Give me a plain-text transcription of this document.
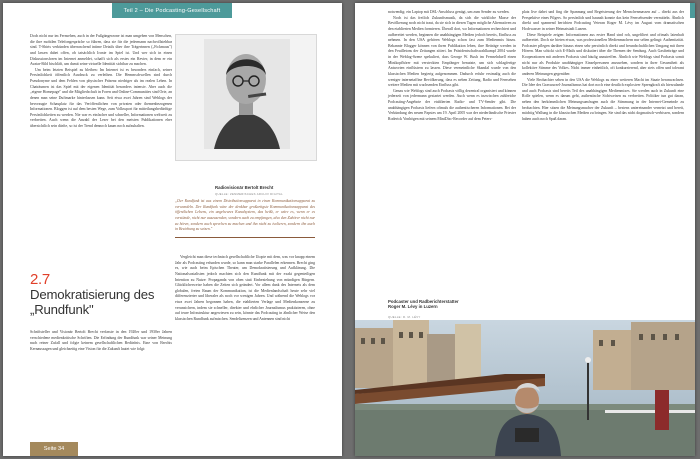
Teil 2 – Die Podcasting-Gesellschaft

Doch nicht nur im Fernsehen, auch in der Fußgängerzone ist man umgeben von Menschen, die ihre mobilen Telefongespräche so führen, dass sie für die jedermann nachvollziehbar sind. T-Shirts verkünden überraschend intime Details über ihre Trägerinnen („Fickmaus") und lassen dabei offen, ob tatsächlich Ironie im Spiel ist. Und wer sich in einen Diskussionsforen im Internet anmeldet, schafft sich als erstes ein Revier, in dem er ein Avatar-Bild bischläft, um damit seine virtuelle Identität sichtbar zu machen.

Um beim letzten Beispiel zu bleiben: Im Internet ist es besonders einfach, seiner Persönlichkeit öffentlich Ausdruck zu verleihen. Die Hemmschwellen sind durch Pseudonyme und dem Fehlen von physischer Präsenz niedriger als im realen Leben. In Chaträumen ist das Spiel mit der eigenen Identität besonders intensiv. Aber auch die „eigene Homepage" und die Mitgliedschaft in Foren und Online-Communities sind Orte, an denen man seine Duftmarke hinterlassen kann. Seit etwa zwei Jahren sind Weblogs der bevorzugte Schauplatz für das Veröffentlichen von privaten oder themenbezogenen Informationen. Bloggen ist auf dem besten Wege, zum Volkssport für mitteilungsbedürftige Persönlichkeiten zu werden. Nie war es einfacher und schneller, Informationen weltweit zu verbreiten. Auch wenn die Anzahl der Leser bei den meisten Publikationen eher übersichtlich sein dürfte, so ist der Trend dennoch kaum noch aufzuhalten.

Radiovisionär Bertolt Brecht
QUELLE: ZENMERISCHES ARCHIV DIGITAL
„Der Rundfunk ist aus einem Distributionsapparat in einen Kommunikationsapparat zu verwandeln. Der Rundfunk wäre der denkbar großartigste Kommunikationsapparat des öffentlichen Lebens, ein ungeheures Kanalsystem, das heißt, er wäre es, wenn er es verstünde, nicht nur auszusenden, sondern auch zu empfangen, also den Zuhörer nicht nur zu hören, sondern auch sprechen zu machen und ihn nicht zu isolieren, sondern ihn auch in Beziehung zu setzen."

Vergleicht man diese technisch gesellschaftliche Utopie mit dem, was vor knapp einem Jahr als Podcasting erfunden wurde, so kann man starke Parallelen erkennen. Brecht ging es, wie auch beim Epischen Theater, um Demokratisierung und Aufklärung. Die Nationalsozialisten jedoch machten sich den Rundfunk mit der exakt gegenteiligen Intention zu Nutze: Propaganda von oben statt Einbeziehung von mündigen Bürgern. Glücklicherweise haben die Zeiten sich geändert. Vor allem dank des Internets als dem globalen, freien Raum der Kommunikation, ist die Medienlandschaft heute sehr viel differenzierter und liberaler als noch vor wenigen Jahren. Und während die Weblogs vor etwa zwei Jahren begonnen haben, die etablierten Verlage und Medienkonzerne zu verunsichern, indem sie schneller, direkter und ehrlicher Journalismus praktizieren, ohne auf teure Infrastruktur angewiesen zu sein, könnte das Podcasting in ähnlicher Weise den klassischen Rundfunk aufmischen. Sendelizenzen und Antennen sind nicht

2.7
Demokratisierung des „Rundfunk"

Schriftsteller und Visionär Bertolt Brecht verfasste in den 1920er und 1930er Jahren verschiedene medienkritische Schriften. Die Erfindung der Rundfunk war seiner Meinung nach reiner Zufall und folgte keinem gesellschaftlichen Bedürfnis. Eine von Brechts Kernaussagen und gleichzeitig eine Vision für die Zukunft lautet wie folgt:

Seite 34

notwendig; ein Laptop mit DSL-Anschluss genügt, um zum Sender zu werden.

Noch ist das freilich Zukunftsmusik, da sich die wirkliche Masse der Bevölkerung noch nicht traut, da sie sich in diesen Tagen mögliche Alternativen zu den etablierten Medien formieren. Überall dort, wo Informationen recherchiert und aufbereitet werden, beginnen die unabhängigen Medien jedoch bereits, Einfluss zu nehmen. In den USA gehören Weblogs schon fast zum Medienmix hinzu. Bekannte Blogger können von ihren Publikation leben, ihre Beiträge werden in den Feuilletons der Zeitungen zitiert. Im Präsidentschaftswahlkampf 2004 wurde in der Weblog-Szene spekuliert, dass George W. Bush im Fernsehduell einen Minikopfhörer mit versteckten Empfänger benutzte, um sich schlagfertige Antworten einflüstern zu lassen. Diese vermeintliche Skandal wurde von den klassischen Medien begierig aufgenommen. Dadurch erfuhr erstmalig auch die weniger internetaffine Bevölkerung, dass es neben Zeitung, Radio und Fernsehen weitere Medien mit wachsenden Einfluss gibt.

Genau wie Weblogs sind auch Podcasts völlig dezentral organisiert und können jederzeit von jedermann gestartet werden. Auch wenn es inzwischen zahlreiche Podcasting-Angebote der etablierten Radio- und TV-Sender gibt. Die unabhängigen Podcasts liefern oftmals die authentischeren Informationen. Bei der Verkündung des neuen Papstes am 19. April 2005 war der niederländische Priester Roderick Vonhögen mit seinem MiniDisc-Recorder auf dem Peters-

platz live dabei und fing die Spannung und Begeisterung der Menschenmassen auf – direkt aus der Perspektive eines Pilgers. So persönlich und haunah konnte das kein Fernsehsender vermitteln. Ähnlich direkt und spannend berichten Podcasting Veteran Roger M. Lévy im August vom dramatischen Hochwasser in seiner Heimatstadt Luzern.

Diese Beispiele zeigen: Informationen aus erster Hand sind roh, ungefiltert und oftmals laienhaft aufbereitet. Doch sie bieten etwas, was professionellen Medienmachern nur selten gelingt: Authentizität. Podcaster pflegen darüber hinaus einen sehr persönlich direkt und freundschaftlichen Umgang mit ihren Hörern. Man schickt sich E-Mails und diskutiert über die Themen der Sendung. Auch Gastbeiträge und Kooperationen mit anderen Podcasts sind häufig anzutreffen. Ähnlich wie Weblogs sind Podcasts somit nicht nur als Produkte unabhängiger Einzelpersonen anzusehen, sondern in ihrer Gesamtheit als kollektive Stimme des Volkes. Nicht immer einheitlich, oft konkurrierend, aber stets offen und tolerant anderen Meinungen gegenüber.

Viele Beobachter sehen in den USA die Weblogs zu einer weiteren Macht im Staate heranwachsen. Die Idee des Graswurzel-Journalismus hat dort noch eine deutlich explosiver Sprengkraft als hierzulande und auch Podcasts sind bereits Teil des unabhängigen Medienmixes. Sie werden auch in Zukunft eine Rolle spielen, wenn es darum geht, authentische Sichtweisen zu verbreiten. Politiker tun gut daran, neben den herkömmlichen Meinungsumfragen auch die Stimmung in der Internet-Gemeinde zu beobachten. Hier sitzen die Meinungsmacher der Zukunft – bestens untereinander vernetzt und bereit, mächtig Wallung in die klassischen Medien zu bringen. Sie sind das nicht dogmatisch-verbissen, sondern haben auch noch Spaß daran.

Podcaster und Radberichterstatter Roger M. Lévy in Luzern
QUELLE: R. M. LÉVY
